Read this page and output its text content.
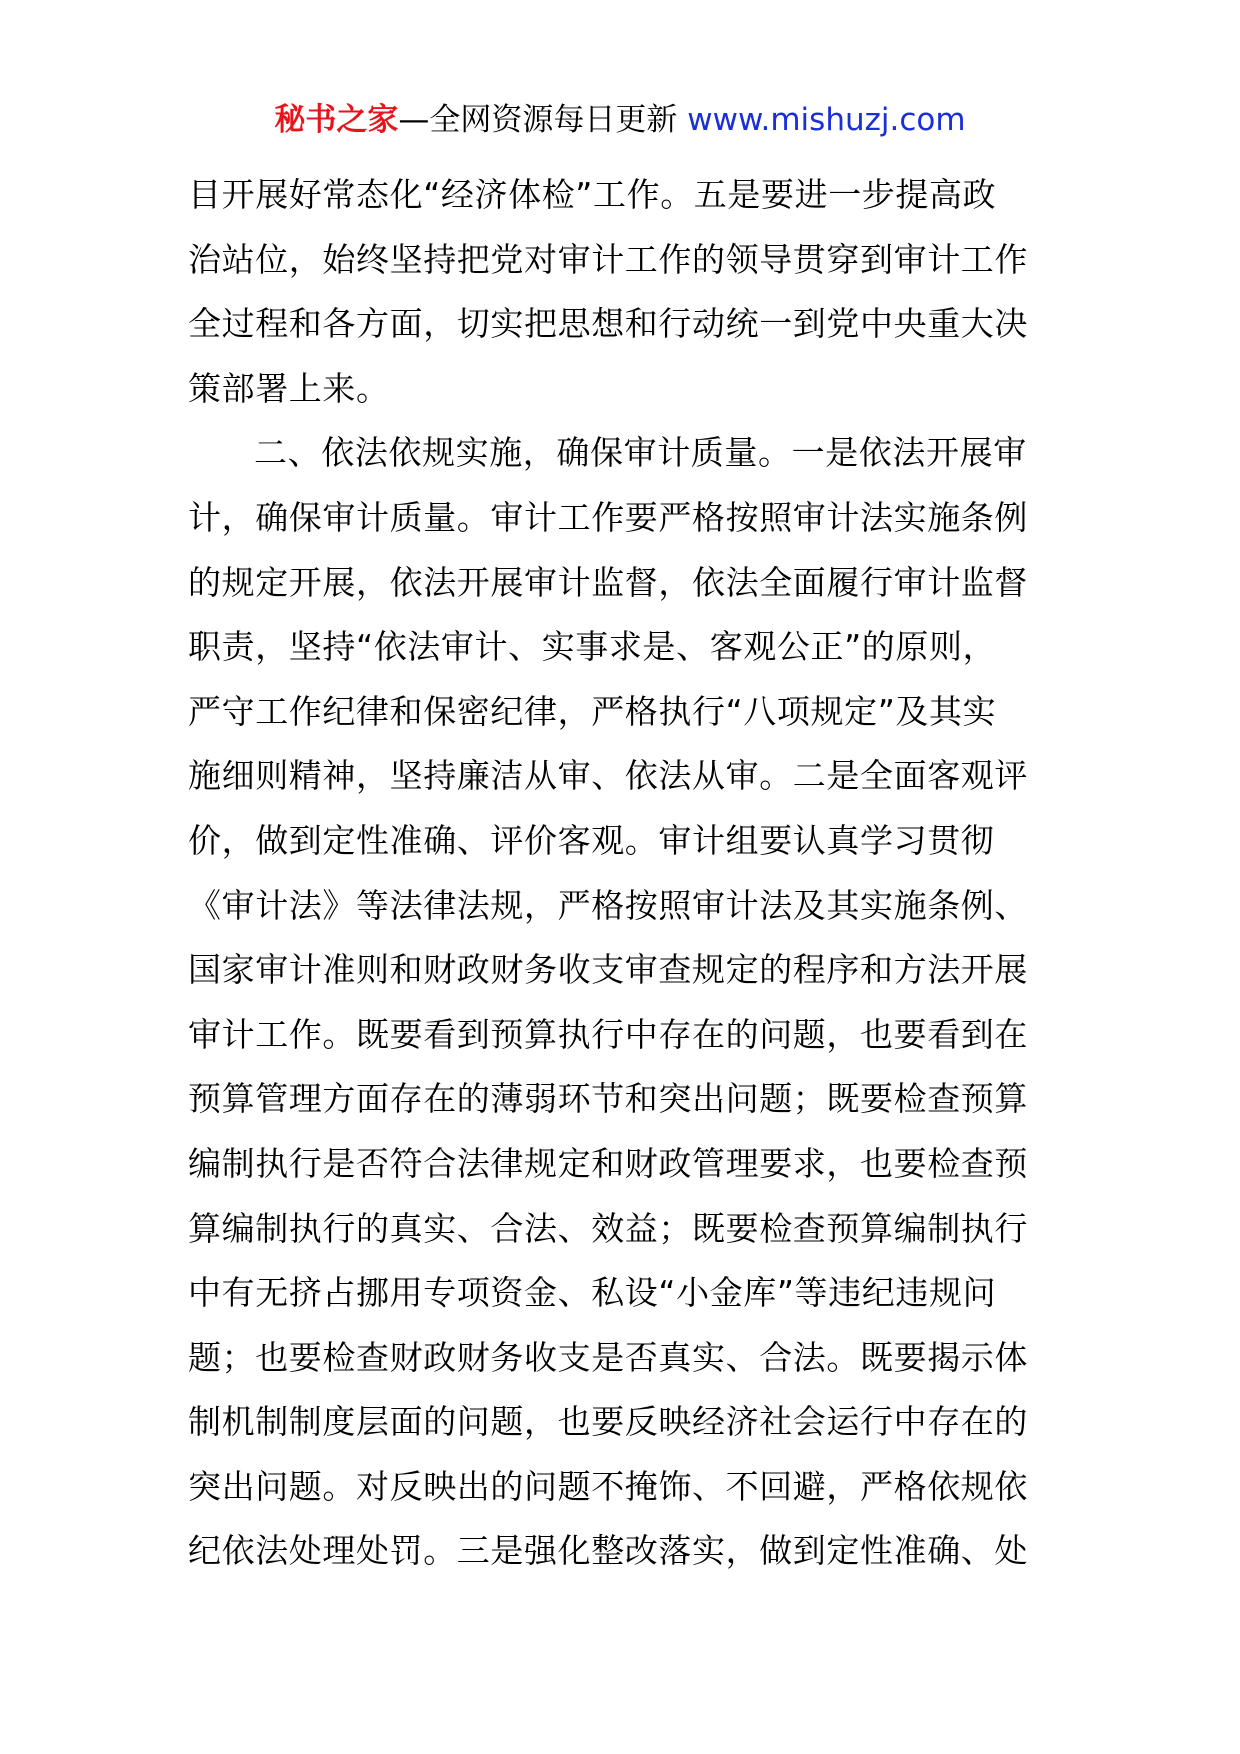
秘书之家—全网资源每日更新 www.mishuzj.com
目开展好常态化“经济体检”工作。五是要进一步提高政
治站位，始终坚持把党对审计工作的领导贯穿到审计工作
全过程和各方面，切实把思想和行动统一到党中央重大决
策部署上来。
二、依法依规实施，确保审计质量。一是依法开展审
计，确保审计质量。审计工作要严格按照审计法实施条例
的规定开展，依法开展审计监督，依法全面履行审计监督
职责，坚持“依法审计、实事求是、客观公正”的原则，
严守工作纪律和保密纪律，严格执行“八项规定”及其实
施细则精神，坚持廉洁从审、依法从审。二是全面客观评
价，做到定性准确、评价客观。审计组要认真学习贯彻
《审计法》等法律法规，严格按照审计法及其实施条例、
国家审计准则和财政财务收支审查规定的程序和方法开展
审计工作。既要看到预算执行中存在的问题，也要看到在
预算管理方面存在的薄弱环节和突出问题；既要检查预算
编制执行是否符合法律规定和财政管理要求，也要检查预
算编制执行的真实、合法、效益；既要检查预算编制执行
中有无挤占挪用专项资金、私设“小金库”等违纪违规问
题；也要检查财政财务收支是否真实、合法。既要揭示体
制机制制度层面的问题，也要反映经济社会运行中存在的
突出问题。对反映出的问题不掩饰、不回避，严格依规依
纪依法处理处罚。三是强化整改落实，做到定性准确、处
